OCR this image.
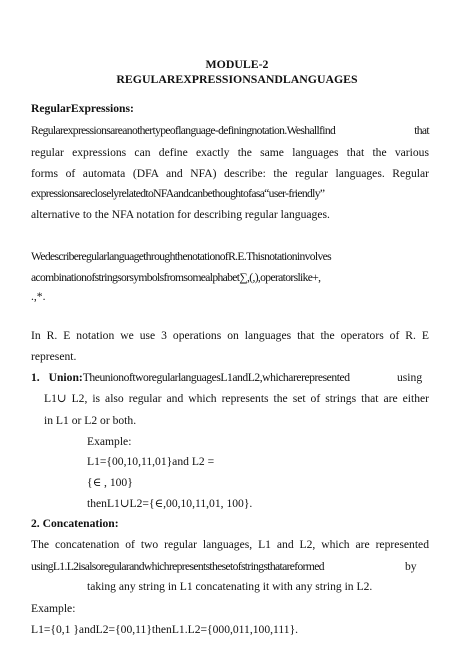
MODULE-2
REGULAREXPRESSIONSANDLANGUAGES
RegularExpressions:
Regularexpressionsareanothertypeoflanguage-definingnotation.Weshallfind that
regular expressions can define exactly the same languages that the various
forms of automata (DFA and NFA) describe: the regular languages. Regular
expressionsarecloselyrelatedtoNFAandcanbethoughtofasa“user-friendly”
alternative to the NFA notation for describing regular languages.
WedescriberegularlanguagethroughthenotationofR.E.Thisnotationinvolves
acombinationofstringsorsymbolsfromsomealphabet∑,(,),operatorslike+,
.,*.
In R. E notation we use 3 operations on languages that the operators of R. E
represent.
1. Union:TheunionoftworegularlanguagesL1andL2,whicharerepresented	using
L1∪ L2, is also regular and which represents the set of strings that are either
in L1 or L2 or both.
Example:
L1={00,10,11,01}and L2 =
{∈ , 100}
thenL1∪L2={∈,00,10,11,01, 100}.
2. Concatenation:
The concatenation of two regular languages, L1 and L2, which are represented
usingL1.L2isalsoregularandwhichrepresentsthesetofstringsthatareformed	by
taking any string in L1 concatenating it with any string in L2.
Example:
L1={0,1 }andL2={00,11}thenL1.L2={000,011,100,111}.
